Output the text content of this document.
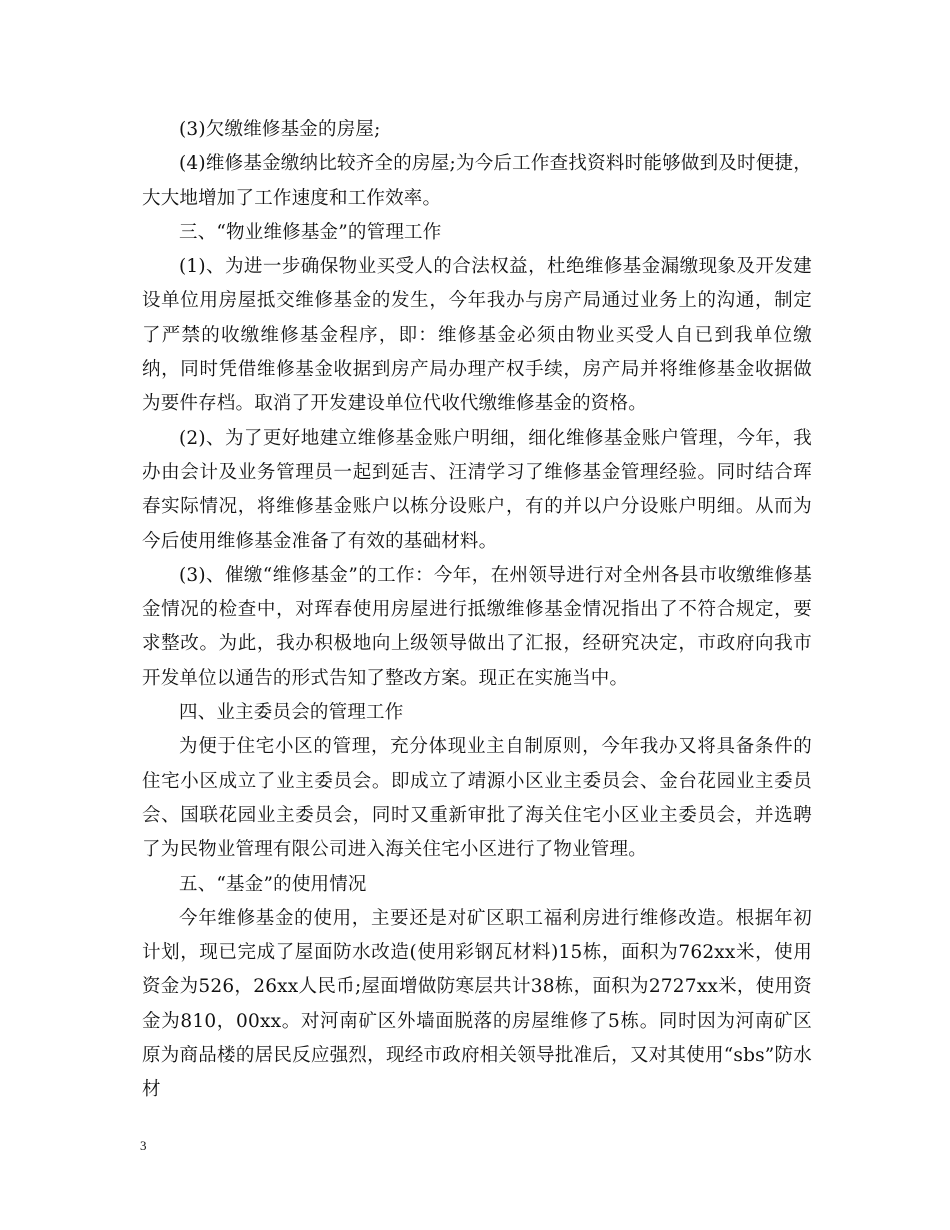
(3)欠缴维修基金的房屋;

(4)维修基金缴纳比较齐全的房屋;为今后工作查找资料时能够做到及时便捷，大大地增加了工作速度和工作效率。

三、“物业维修基金”的管理工作

(1)、为进一步确保物业买受人的合法权益，杜绝维修基金漏缴现象及开发建设单位用房屋抵交维修基金的发生，今年我办与房产局通过业务上的沟通，制定了严禁的收缴维修基金程序，即：维修基金必须由物业买受人自已到我单位缴纳，同时凭借维修基金收据到房产局办理产权手续，房产局并将维修基金收据做为要件存档。取消了开发建设单位代收代缴维修基金的资格。

(2)、为了更好地建立维修基金账户明细，细化维修基金账户管理，今年，我办由会计及业务管理员一起到延吉、汪清学习了维修基金管理经验。同时结合珲春实际情况，将维修基金账户以栋分设账户，有的并以户分设账户明细。从而为今后使用维修基金准备了有效的基础材料。

(3)、催缴“维修基金”的工作：今年，在州领导进行对全州各县市收缴维修基金情况的检查中，对珲春使用房屋进行抵缴维修基金情况指出了不符合规定，要求整改。为此，我办积极地向上级领导做出了汇报，经研究决定，市政府向我市开发单位以通告的形式告知了整改方案。现正在实施当中。

四、业主委员会的管理工作

为便于住宅小区的管理，充分体现业主自制原则，今年我办又将具备条件的住宅小区成立了业主委员会。即成立了靖源小区业主委员会、金台花园业主委员会、国联花园业主委员会，同时又重新审批了海关住宅小区业主委员会，并选聘了为民物业管理有限公司进入海关住宅小区进行了物业管理。

五、“基金”的使用情况

今年维修基金的使用，主要还是对矿区职工福利房进行维修改造。根据年初计划，现已完成了屋面防水改造(使用彩钢瓦材料)15栋，面积为762xx米，使用资金为526，26xx人民币;屋面增做防寒层共计38栋，面积为2727xx米，使用资金为810，00xx。对河南矿区外墙面脱落的房屋维修了5栋。同时因为河南矿区原为商品楼的居民反应强烈，现经市政府相关领导批准后，又对其使用“sbs”防水材

3
